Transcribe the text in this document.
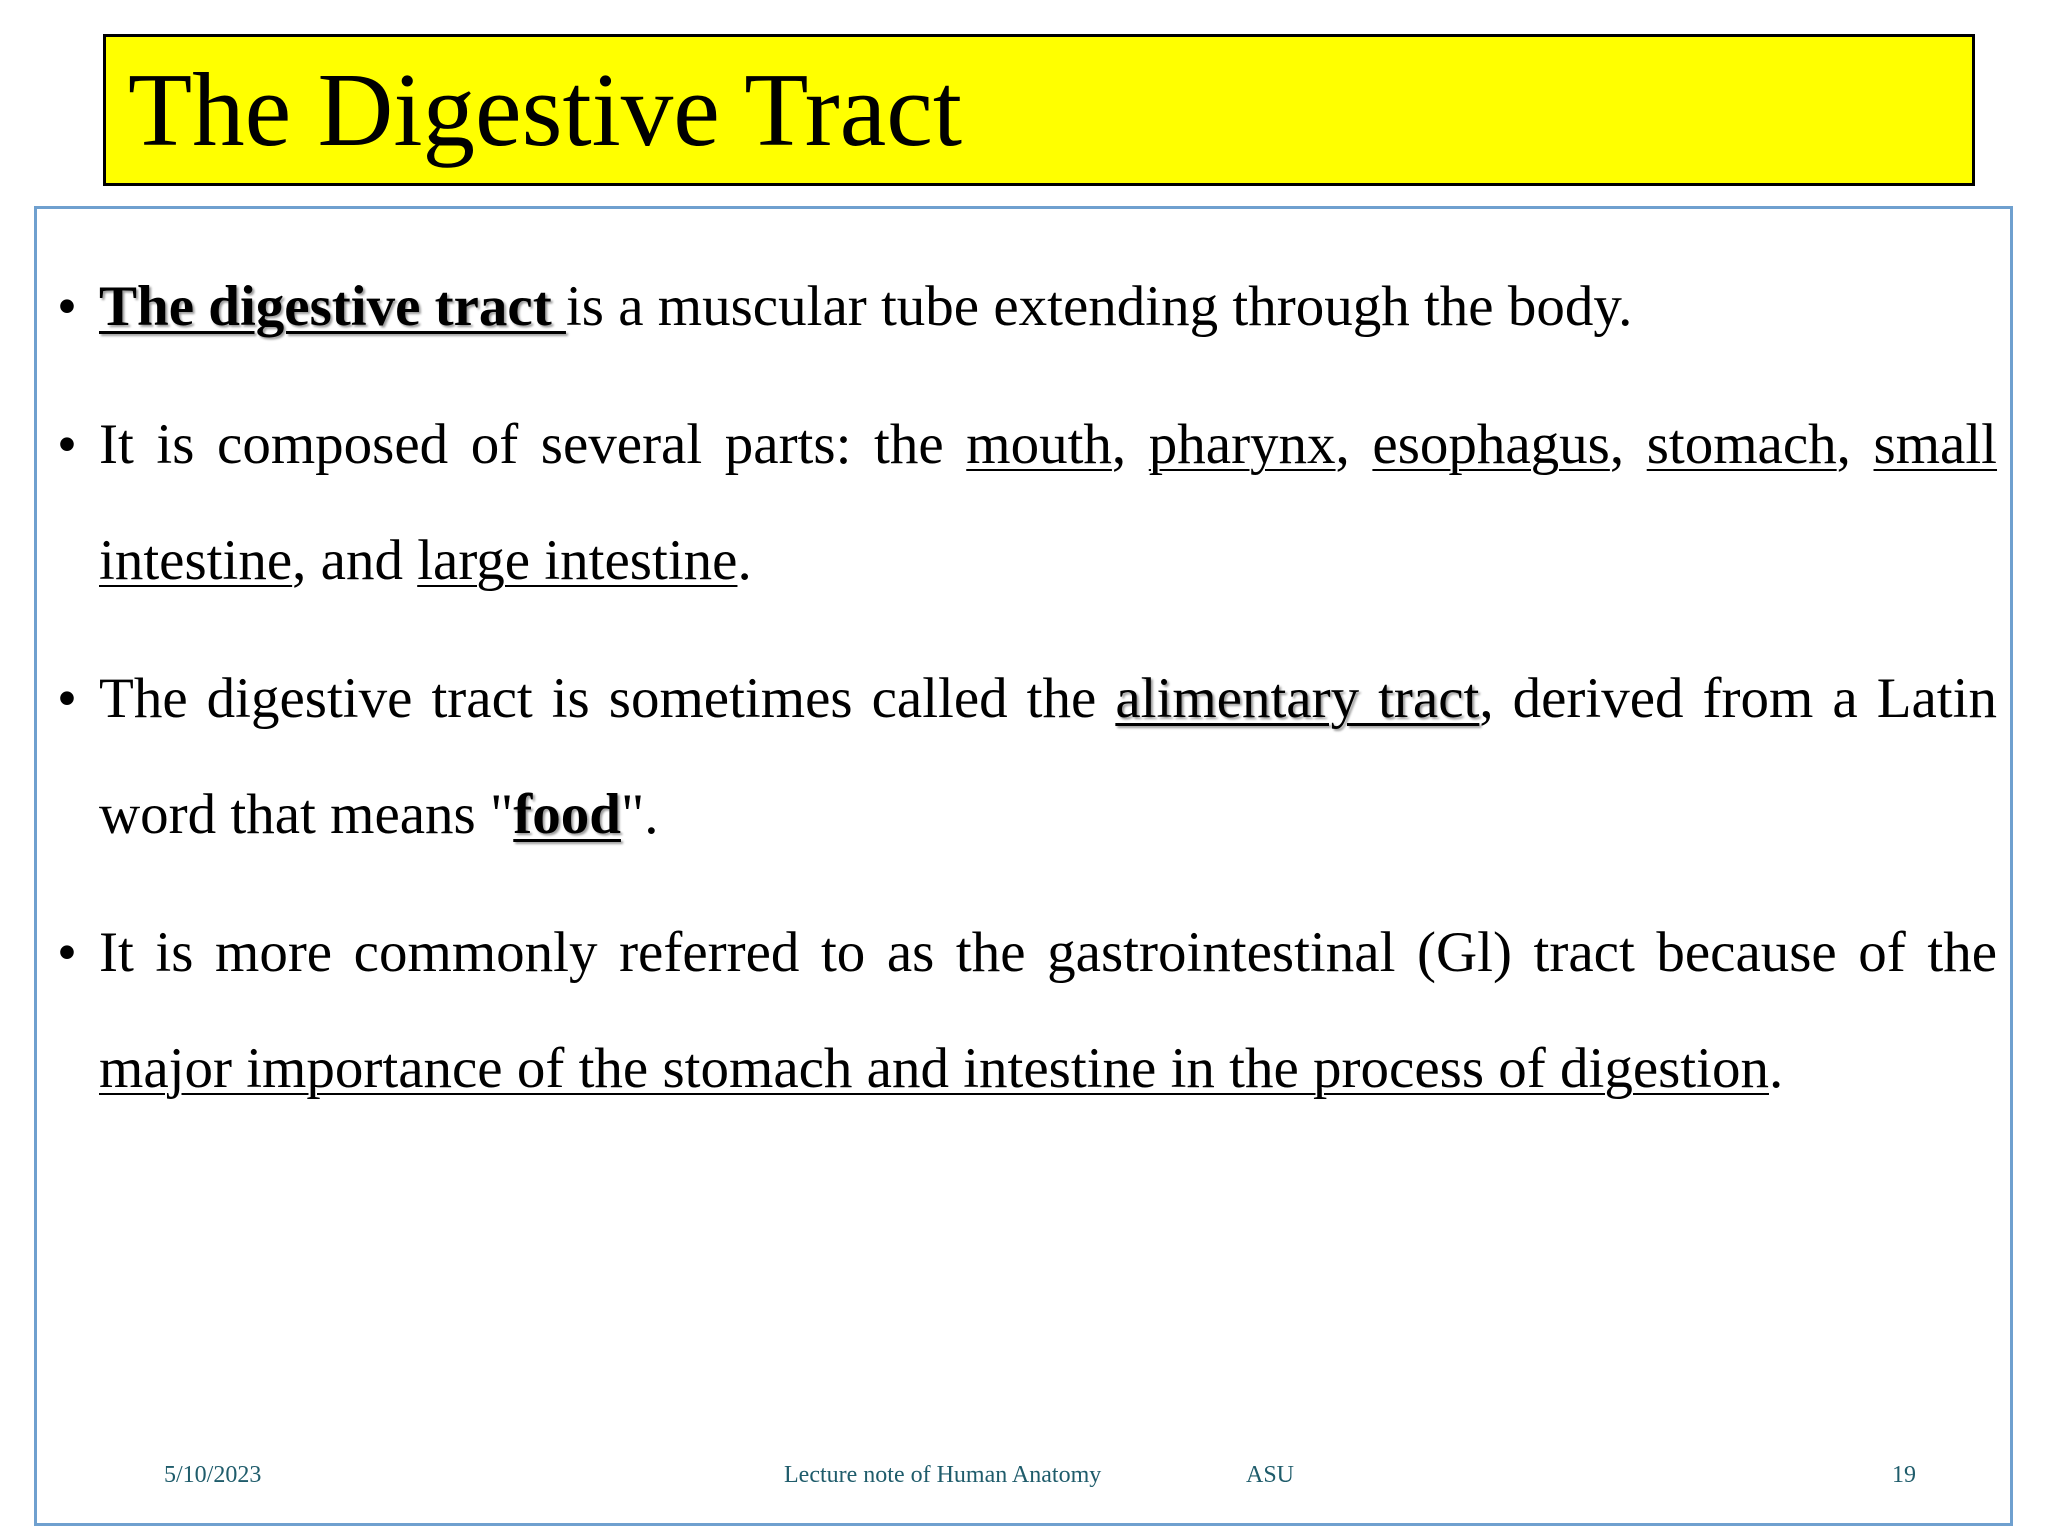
The Digestive Tract
• The digestive tract is a muscular tube extending through the body.
• It is composed of several parts: the mouth, pharynx, esophagus, stomach, small intestine, and large intestine.
• The digestive tract is sometimes called the alimentary tract, derived from a Latin word that means "food".
• It is more commonly referred to as the gastrointestinal (Gl) tract because of the major importance of the stomach and intestine in the process of digestion.
5/10/2023	Lecture note of Human Anatomy	ASU	19
